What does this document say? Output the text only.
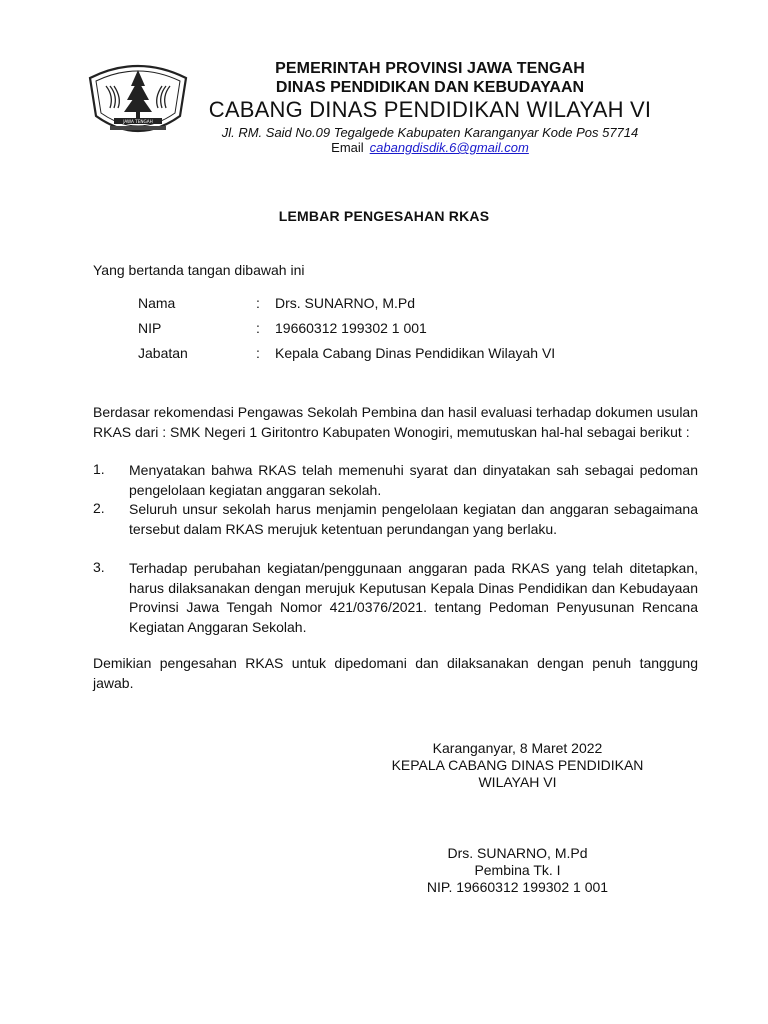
JAWA TENGAH
PEMERINTAH PROVINSI JAWA TENGAH
DINAS PENDIDIKAN DAN KEBUDAYAAN
CABANG DINAS PENDIDIKAN WILAYAH VI
Jl. RM. Said No.09 Tegalgede Kabupaten Karanganyar Kode Pos 57714
Email cabangdisdik.6@gmail.com
LEMBAR PENGESAHAN RKAS
Yang bertanda tangan dibawah ini
Nama	: Drs. SUNARNO, M.Pd
NIP	: 19660312 199302 1 001
Jabatan	: Kepala Cabang Dinas Pendidikan Wilayah VI
Berdasar rekomendasi Pengawas Sekolah Pembina dan hasil evaluasi terhadap dokumen usulan RKAS dari : SMK Negeri 1 Giritontro Kabupaten Wonogiri, memutuskan hal-hal sebagai berikut :
1. Menyatakan bahwa RKAS telah memenuhi syarat dan dinyatakan sah sebagai pedoman pengelolaan kegiatan anggaran sekolah.
2. Seluruh unsur sekolah harus menjamin pengelolaan kegiatan dan anggaran sebagaimana tersebut dalam RKAS merujuk ketentuan perundangan yang berlaku.
3. Terhadap perubahan kegiatan/penggunaan anggaran pada RKAS yang telah ditetapkan, harus dilaksanakan dengan merujuk Keputusan Kepala Dinas Pendidikan dan Kebudayaan Provinsi Jawa Tengah Nomor 421/0376/2021. tentang Pedoman Penyusunan Rencana Kegiatan Anggaran Sekolah.
Demikian pengesahan RKAS untuk dipedomani dan dilaksanakan dengan penuh tanggung jawab.
Karanganyar, 8 Maret 2022
KEPALA CABANG DINAS PENDIDIKAN
WILAYAH VI
Drs. SUNARNO, M.Pd
Pembina Tk. I
NIP. 19660312 199302 1 001
